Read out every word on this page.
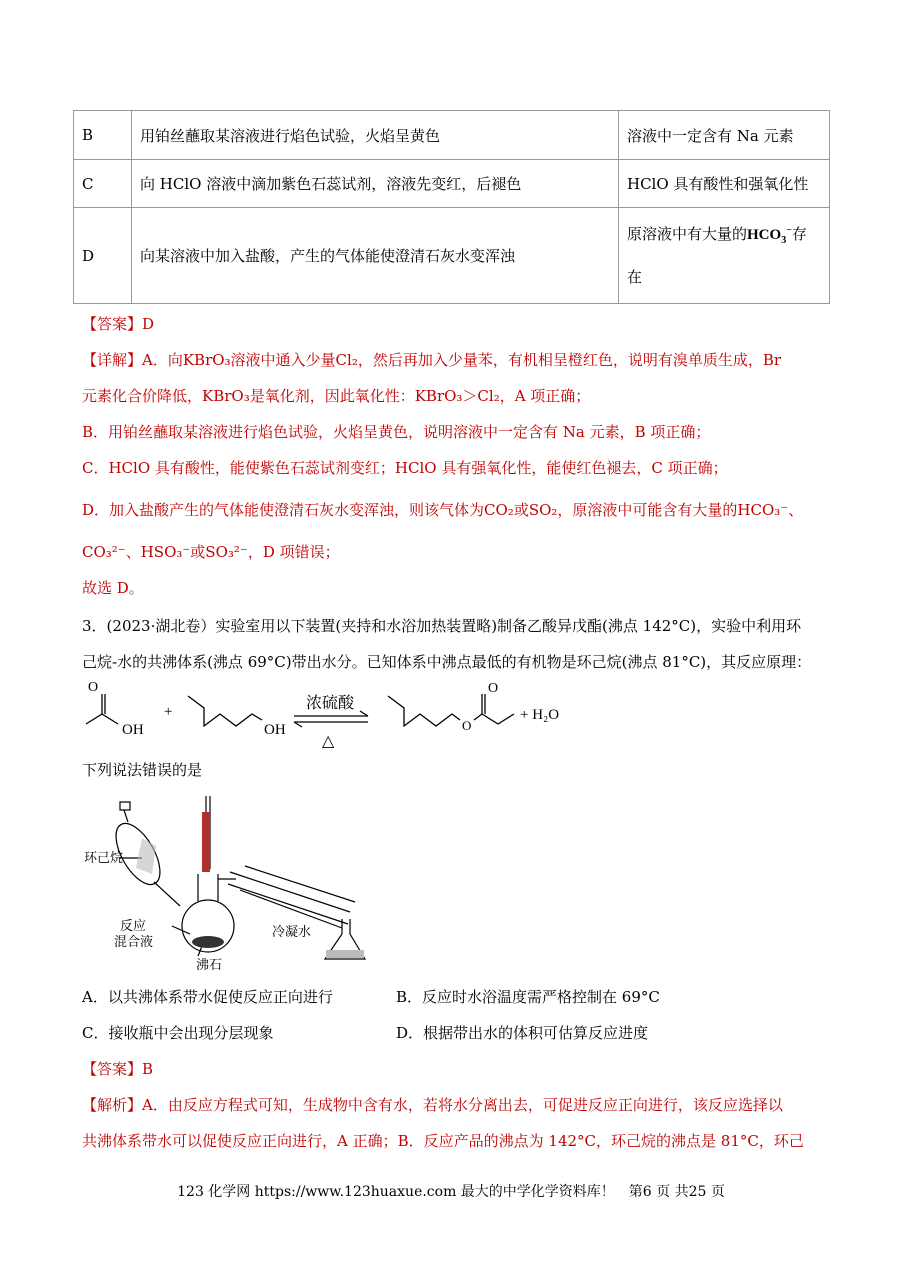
B	用铂丝蘸取某溶液进行焰色试验，火焰呈黄色	溶液中一定含有 Na 元素
C	向 HClO 溶液中滴加紫色石蕊试剂，溶液先变红，后褪色	HClO 具有酸性和强氧化性
D	向某溶液中加入盐酸，产生的气体能使澄清石灰水变浑浊	原溶液中有大量的$HCO_3^-$存
在
【答案】D
【详解】A．向KBrO₃溶液中通入少量Cl₂，然后再加入少量苯，有机相呈橙红色，说明有溴单质生成，Br
元素化合价降低，KBrO₃是氧化剂，因此氧化性：KBrO₃＞Cl₂，A 项正确；
B．用铂丝蘸取某溶液进行焰色试验，火焰呈黄色，说明溶液中一定含有 Na 元素，B 项正确；
C．HClO 具有酸性，能使紫色石蕊试剂变红；HClO 具有强氧化性，能使红色褪去，C 项正确；
D．加入盐酸产生的气体能使澄清石灰水变浑浊，则该气体为CO₂或SO₂，原溶液中可能含有大量的HCO₃⁻、
CO₃²⁻、HSO₃⁻或SO₃²⁻，D 项错误；
故选 D。
3．(2023·湖北卷）实验室用以下装置(夹持和水浴加热装置略)制备乙酸异戊酯(沸点 142°C)，实验中利用环
己烷-水的共沸体系(沸点 69°C)带出水分。已知体系中沸点最低的有机物是环己烷(沸点 81°C)，其反应原理：
O
OH
+
OH
浓硫酸
△
O
O
+ H₂O
下列说法错误的是
环己烷
反应
混合液
沸石
冷凝水
A．以共沸体系带水促使反应正向进行	B．反应时水浴温度需严格控制在 69°C
C．接收瓶中会出现分层现象	D．根据带出水的体积可估算反应进度
【答案】B
【解析】A．由反应方程式可知，生成物中含有水，若将水分离出去，可促进反应正向进行，该反应选择以
共沸体系带水可以促使反应正向进行，A 正确；B．反应产品的沸点为 142°C，环己烷的沸点是 81°C，环己
123 化学网 https://www.123huaxue.com 最大的中学化学资料库！　第6 页 共25 页
